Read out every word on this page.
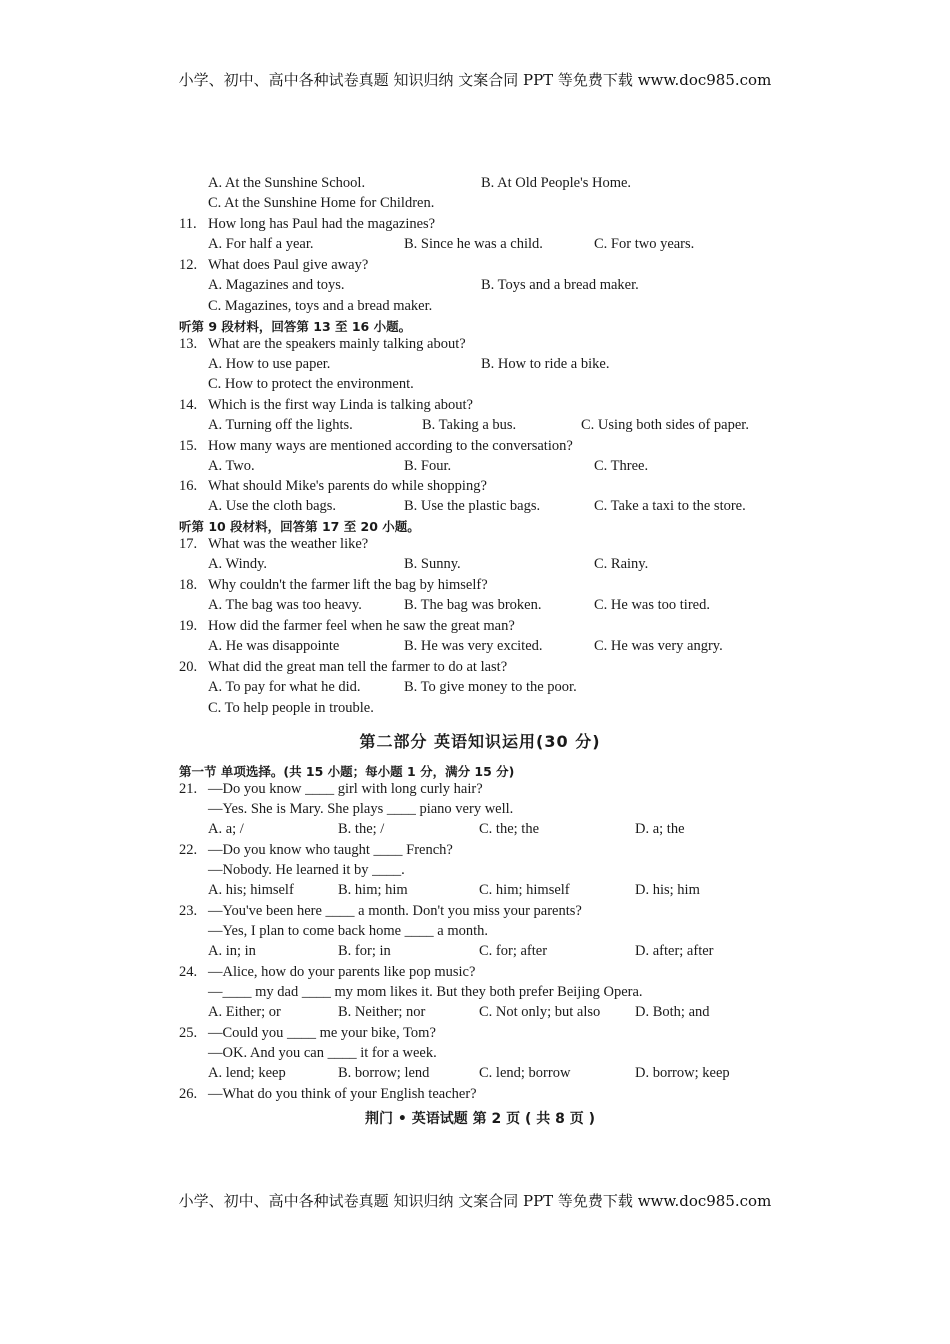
小学、初中、高中各种试卷真题 知识归纳 文案合同 PPT 等免费下载 www.doc985.com
A. At the Sunshine School.	B. At Old People's Home.
C. At the Sunshine Home for Children.
11. How long has Paul had the magazines?
A. For half a year.	B. Since he was a child.	C. For two years.
12. What does Paul give away?
A. Magazines and toys.	B. Toys and a bread maker.
C. Magazines, toys and a bread maker.
听第 9 段材料，回答第 13 至 16 小题。
13. What are the speakers mainly talking about?
A. How to use paper.	B. How to ride a bike.
C. How to protect the environment.
14. Which is the first way Linda is talking about?
A. Turning off the lights.	B. Taking a bus.	C. Using both sides of paper.
15. How many ways are mentioned according to the conversation?
A. Two.	B. Four.	C. Three.
16. What should Mike's parents do while shopping?
A. Use the cloth bags.	B. Use the plastic bags.	C. Take a taxi to the store.
听第 10 段材料，回答第 17 至 20 小题。
17. What was the weather like?
A. Windy.	B. Sunny.	C. Rainy.
18. Why couldn't the farmer lift the bag by himself?
A. The bag was too heavy.	B. The bag was broken.	C. He was too tired.
19. How did the farmer feel when he saw the great man?
A. He was disappointe	B. He was very excited.	C. He was very angry.
20. What did the great man tell the farmer to do at last?
A. To pay for what he did.	B. To give money to the poor.
C. To help people in trouble.
第二部分 英语知识运用(30 分)
第一节 单项选择。(共 15 小题；每小题 1 分，满分 15 分)
21. —Do you know ____ girl with long curly hair?
—Yes. She is Mary. She plays ____ piano very well.
A. a; /	B. the; /	C. the; the	D. a; the
22. —Do you know who taught ____ French?
—Nobody. He learned it by ____.
A. his; himself	B. him; him	C. him; himself	D. his; him
23. —You've been here ____ a month. Don't you miss your parents?
—Yes, I plan to come back home ____ a month.
A. in; in	B. for; in	C. for; after	D. after; after
24. —Alice, how do your parents like pop music?
—____ my dad ____ my mom likes it. But they both prefer Beijing Opera.
A. Either; or	B. Neither; nor	C. Not only; but also D. Both; and
25. —Could you ____ me your bike, Tom?
—OK. And you can ____ it for a week.
A. lend; keep	B. borrow; lend	C. lend; borrow	D. borrow; keep
26. —What do you think of your English teacher?
荆门 • 英语试题 第 2 页 ( 共 8 页 )
小学、初中、高中各种试卷真题 知识归纳 文案合同 PPT 等免费下载 www.doc985.com
